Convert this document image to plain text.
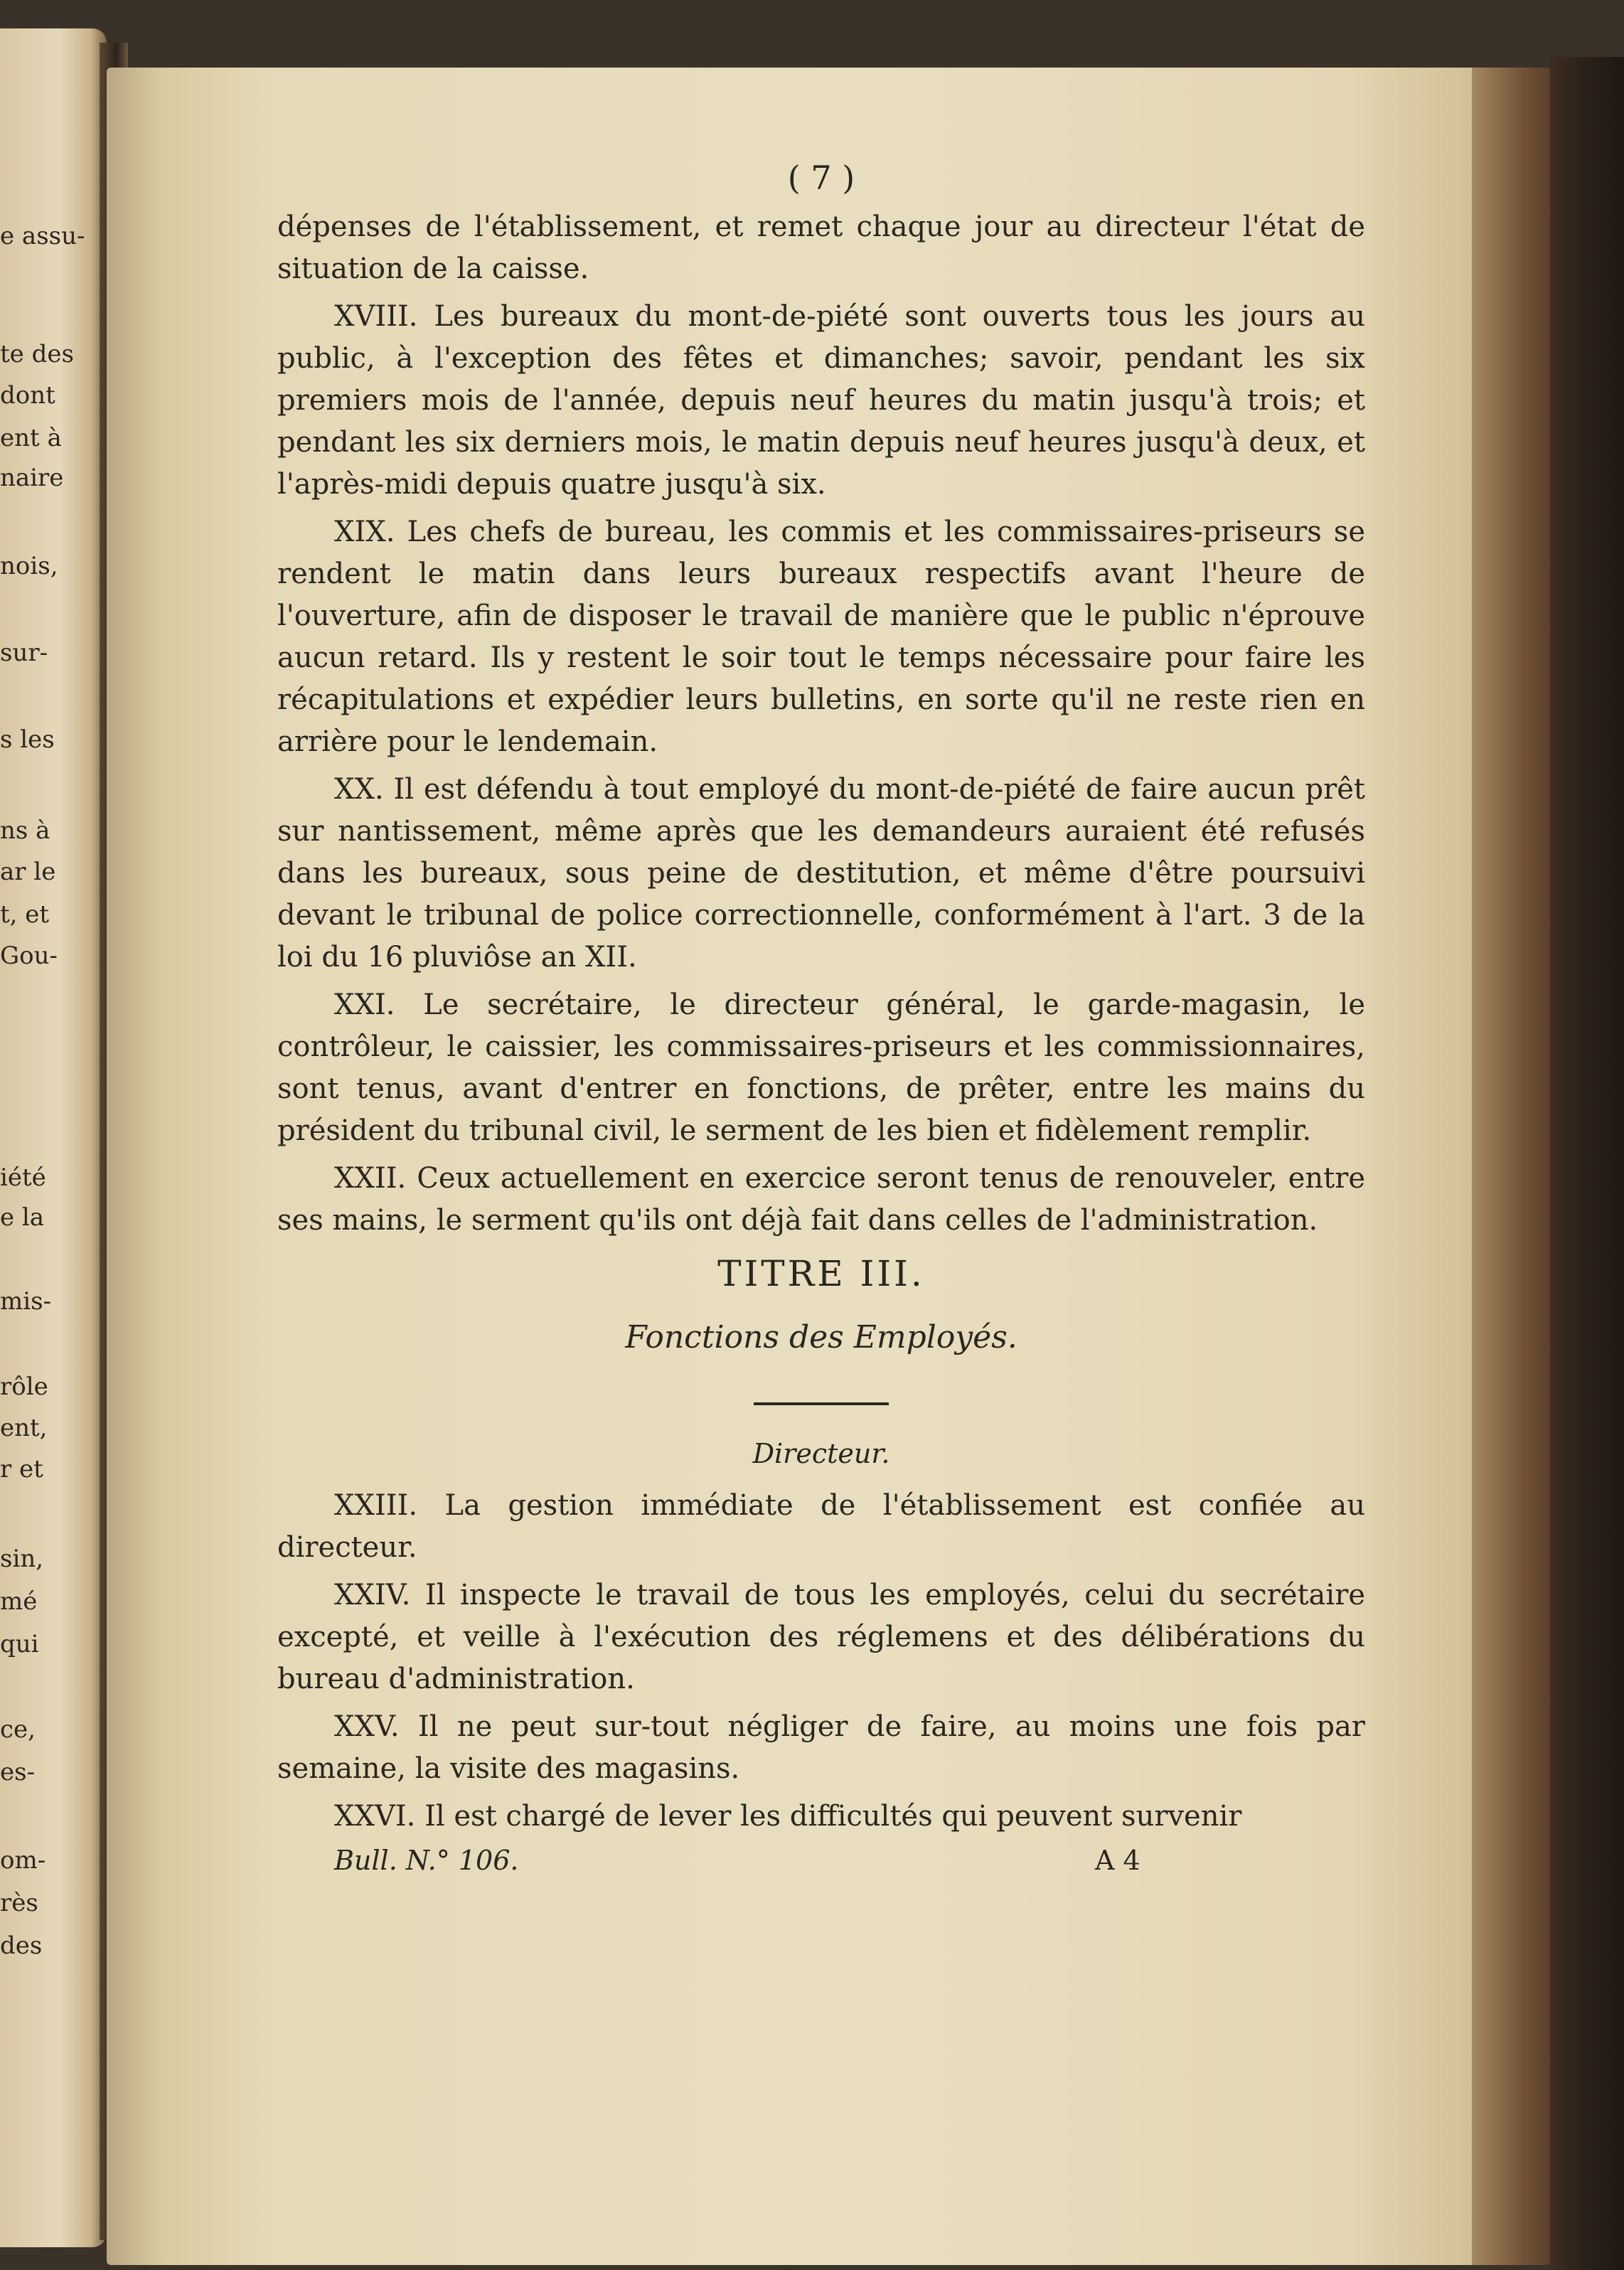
e assu-
te des
dont
ent à
naire
nois,
sur-
s les
ns à
ar le
t, et
Gou-
iété
e la
mis-
rôle
ent,
r et
sin,
mé
qui
ce,
es-
om-
rès
des
( 7 )
dépenses de l'établissement, et remet chaque jour au directeur l'état de situation de la caisse.
XVIII. Les bureaux du mont-de-piété sont ouverts tous les jours au public, à l'exception des fêtes et dimanches; savoir, pendant les six premiers mois de l'année, depuis neuf heures du matin jusqu'à trois; et pendant les six derniers mois, le matin depuis neuf heures jusqu'à deux, et l'après-midi depuis quatre jusqu'à six.
XIX. Les chefs de bureau, les commis et les commissaires-priseurs se rendent le matin dans leurs bureaux respectifs avant l'heure de l'ouverture, afin de disposer le travail de manière que le public n'éprouve aucun retard. Ils y restent le soir tout le temps nécessaire pour faire les récapitulations et expédier leurs bulletins, en sorte qu'il ne reste rien en arrière pour le lendemain.
XX. Il est défendu à tout employé du mont-de-piété de faire aucun prêt sur nantissement, même après que les demandeurs auraient été refusés dans les bureaux, sous peine de destitution, et même d'être poursuivi devant le tribunal de police correctionnelle, conformément à l'art. 3 de la loi du 16 pluviôse an XII.
XXI. Le secrétaire, le directeur général, le garde-magasin, le contrôleur, le caissier, les commissaires-priseurs et les commissionnaires, sont tenus, avant d'entrer en fonctions, de prêter, entre les mains du président du tribunal civil, le serment de les bien et fidèlement remplir.
XXII. Ceux actuellement en exercice seront tenus de renouveler, entre ses mains, le serment qu'ils ont déjà fait dans celles de l'administration.
TITRE III.
Fonctions des Employés.
Directeur.
XXIII. La gestion immédiate de l'établissement est confiée au directeur.
XXIV. Il inspecte le travail de tous les employés, celui du secrétaire excepté, et veille à l'exécution des réglemens et des délibérations du bureau d'administration.
XXV. Il ne peut sur-tout négliger de faire, au moins une fois par semaine, la visite des magasins.
XXVI. Il est chargé de lever les difficultés qui peuvent survenir
Bull. N.° 106.	A 4
